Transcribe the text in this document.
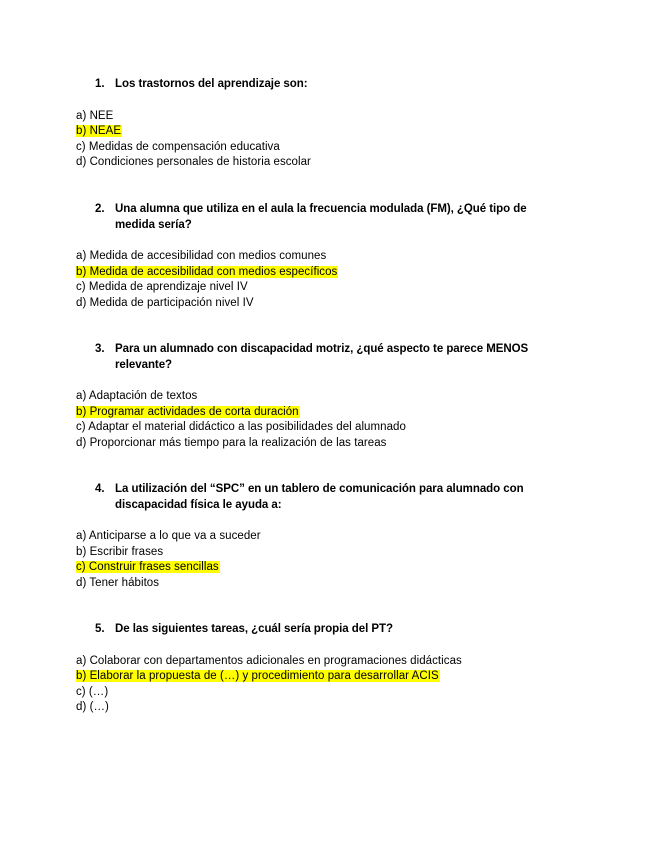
1. Los trastornos del aprendizaje son:
a) NEE
b) NEAE
c) Medidas de compensación educativa
d) Condiciones personales de historia escolar
2. Una alumna que utiliza en el aula la frecuencia modulada (FM), ¿Qué tipo de medida sería?
a) Medida de accesibilidad con medios comunes
b) Medida de accesibilidad con medios específicos
c) Medida de aprendizaje nivel IV
d) Medida de participación nivel IV
3. Para un alumnado con discapacidad motriz, ¿qué aspecto te parece MENOS relevante?
a) Adaptación de textos
b) Programar actividades de corta duración
c) Adaptar el material didáctico a las posibilidades del alumnado
d) Proporcionar más tiempo para la realización de las tareas
4. La utilización del “SPC” en un tablero de comunicación para alumnado con discapacidad física le ayuda a:
a) Anticiparse a lo que va a suceder
b) Escribir frases
c) Construir frases sencillas
d) Tener hábitos
5. De las siguientes tareas, ¿cuál sería propia del PT?
a) Colaborar con departamentos adicionales en programaciones didácticas
b) Elaborar la propuesta de (…) y procedimiento para desarrollar ACIS
c) (…)
d) (…)
